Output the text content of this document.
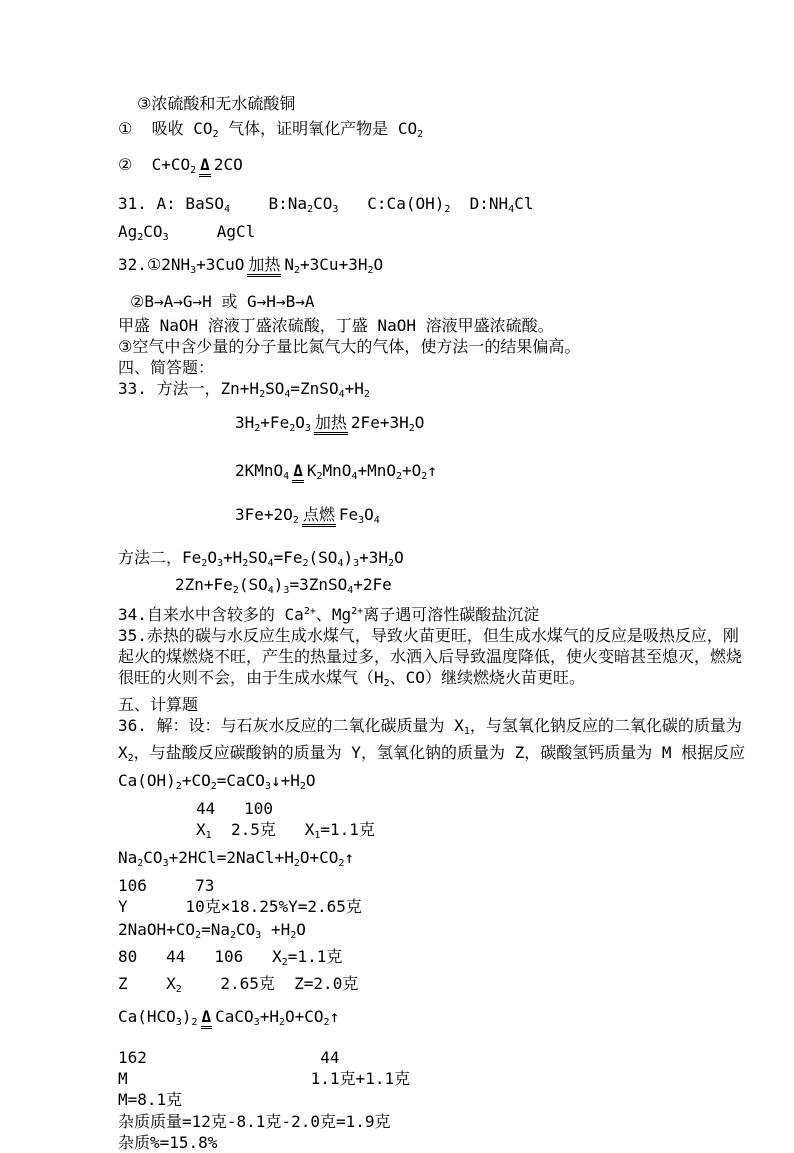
③浓硫酸和无水硫酸铜
①  吸收 $CO_2$ 气体，证明氧化产物是 $CO_2$
②  $C+CO_2$ Δ 2CO
31. A: BaSO$_4$    $B:Na_2CO_3$   $C:Ca(OH)_2$  $D:NH_4Cl$
$Ag_2CO_3$     AgCl
$32.①2NH_3+3CuO$ 加热 $N_2+3Cu+3H_2O$
②B→A→G→H 或 G→H→B→A
甲盛 NaOH 溶液丁盛浓硫酸，丁盛 NaOH 溶液甲盛浓硫酸。
③空气中含少量的分子量比氮气大的气体，使方法一的结果偏高。
四、简答题：
33. 方法一，$Zn+H_2SO_4=ZnSO_4+H_2$
$3H_2+Fe_2O_3$ 加热 $2Fe+3H_2O$
2KMnO$_4$ Δ $K_2MnO_4+MnO_2+O_2↑$
$3Fe+2O_2$ 点燃 $Fe_3O_4$
方法二，$Fe_2O_3+H_2SO_4=Fe_2(SO_4)_3+3H_2O$
$2Zn+Fe_2(SO_4)_3=3ZnSO_4+2Fe$
34.自来水中含较多的 $Ca^{2+}$、$Mg^{2+}$离子遇可溶性碳酸盐沉淀
35.赤热的碳与水反应生成水煤气，导致火苗更旺，但生成水煤气的反应是吸热反应，刚
起火的煤燃烧不旺，产生的热量过多，水洒入后导致温度降低，使火变暗甚至熄灭，燃烧
很旺的火则不会，由于生成水煤气（$H_2$、CO）继续燃烧火苗更旺。
五、计算题
36. 解：设：与石灰水反应的二氧化碳质量为 $X_1$，与氢氧化钠反应的二氧化碳的质量为
$X_2$，与盐酸反应碳酸钠的质量为 Y，氢氧化钠的质量为 Z，碳酸氢钙质量为 M 根据反应
$Ca(OH)_2+CO_2=CaCO_3↓+H_2O$
44   100
$X_1$  2.5克   $X_1=1.1$克
$Na_2CO_3+2HCl=2NaCl+H_2O+CO_2↑$
106     73
Y      10克×18.25%Y=2.65克
$2NaOH+CO_2=Na_2CO_3 +H_2O$
80   44   106   $X_2=1.1$克
Z    $X_2$    2.65克  Z=2.0克
$Ca(HCO_3)_2$ Δ $CaCO_3+H_2O+CO_2↑$
162                  44
M                   1.1克+1.1克
M=8.1克
杂质质量=12克-8.1克-2.0克=1.9克
杂质%=15.8%
